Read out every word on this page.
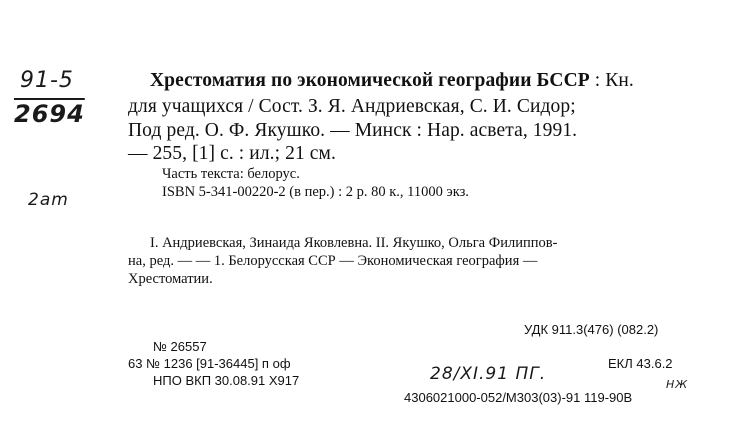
91-5
2694
2am
Хрестоматия по экономической географии БССР : Кн.
для учащихся / Сост. З. Я. Андриевская, С. И. Сидор;
Под ред. О. Ф. Якушко. — Минск : Нар. асвета, 1991.
— 255, [1] с. : ил.; 21 см.
Часть текста: белорус.
ISBN 5-341-00220-2 (в пер.) : 2 р. 80 к., 11000 экз.
I. Андриевская, Зинаида Яковлевна. II. Якушко, Ольга Филиппов-
на, ред. — — 1. Белорусская ССР — Экономическая география —
Хрестоматии.
УДК 911.3(476) (082.2)
№ 26557
63 № 1236 [91-36445] п оф	ЕКЛ 43.6.2
НПО ВКП 30.08.91 Х917
4306021000-052/М303(03)-91 119-90В
28/XI.91 ПГ.
НЖ
